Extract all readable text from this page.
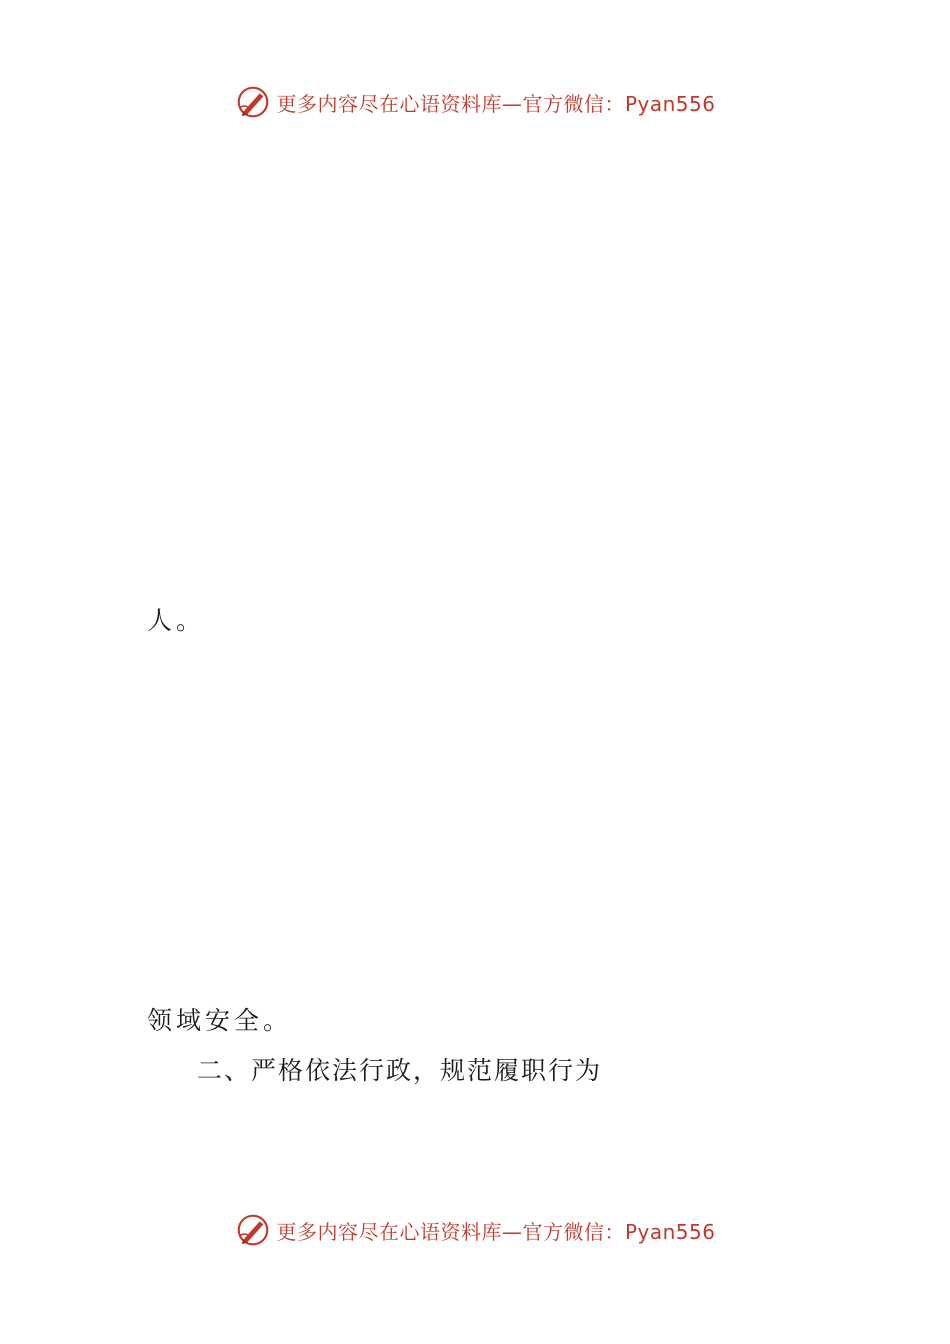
更多内容尽在心语资料库—官方微信：Pyan556
人。
领域安全。
二、严格依法行政，规范履职行为
更多内容尽在心语资料库—官方微信：Pyan556
